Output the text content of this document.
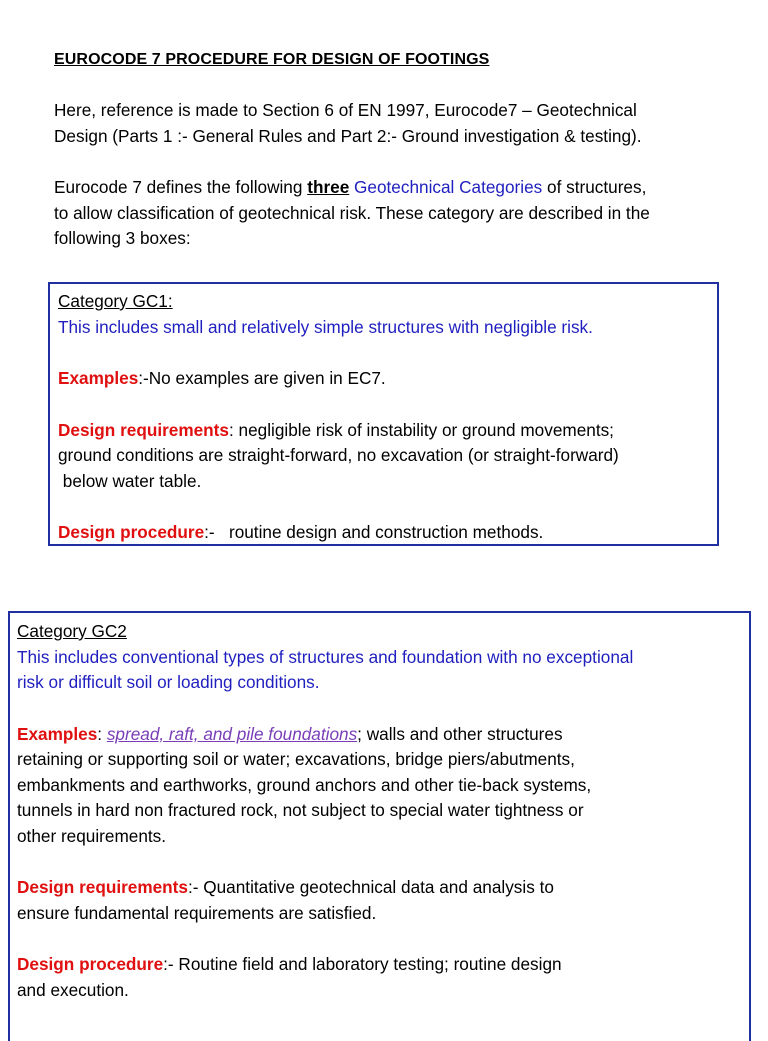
EUROCODE 7 PROCEDURE FOR DESIGN OF FOOTINGS

Here, reference is made to Section 6 of EN 1997, Eurocode7 – Geotechnical

Design (Parts 1 :- General Rules and Part 2:- Ground investigation & testing).

Eurocode 7 defines the following three Geotechnical Categories of structures,

to allow classification of geotechnical risk. These category are described in the

following 3 boxes:

Category GC1:

This includes small and relatively simple structures with negligible risk.

Examples:-No examples are given in EC7.

Design requirements: negligible risk of instability or ground movements;

ground conditions are straight-forward, no excavation (or straight-forward)

below water table.

Design procedure:-   routine design and construction methods.

Category GC2

This includes conventional types of structures and foundation with no exceptional

risk or difficult soil or loading conditions.

Examples: spread, raft, and pile foundations; walls and other structures

retaining or supporting soil or water; excavations, bridge piers/abutments,

embankments and earthworks, ground anchors and other tie-back systems,

tunnels in hard non fractured rock, not subject to special water tightness or

other requirements.

Design requirements:- Quantitative geotechnical data and analysis to

ensure fundamental requirements are satisfied.

Design procedure:- Routine field and laboratory testing; routine design

and execution.
